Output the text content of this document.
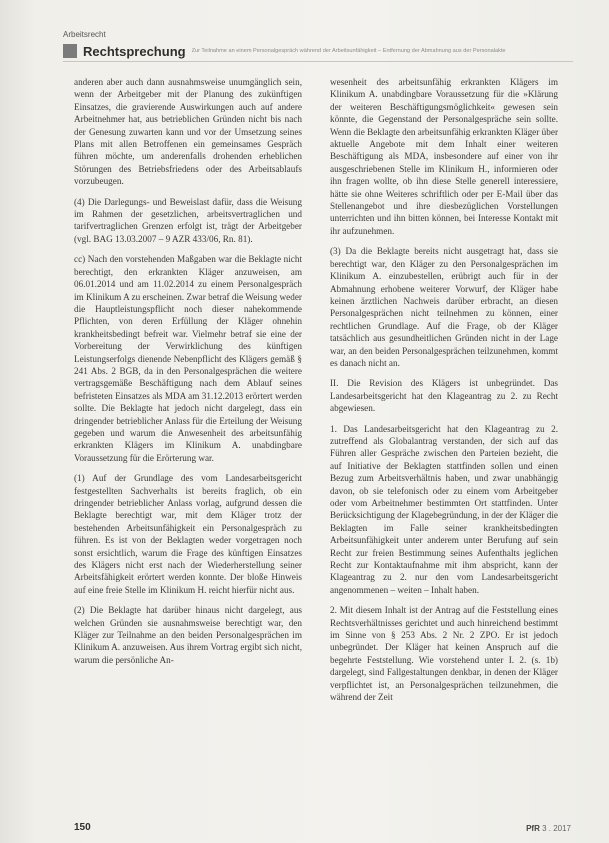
Arbeitsrecht
Rechtsprechung Zur Teilnahme an einem Personalgespräch während der Arbeitsunfähigkeit – Entfernung der Abmahnung aus der Personalakte

anderen aber auch dann ausnahmsweise unumgänglich sein, wenn der Arbeitgeber mit der Planung des zukünftigen Einsatzes, die gravierende Auswirkungen auch auf andere Arbeitnehmer hat, aus betrieblichen Gründen nicht bis nach der Genesung zuwarten kann und vor der Umsetzung seines Plans mit allen Betroffenen ein gemeinsames Gespräch führen möchte, um anderenfalls drohenden erheblichen Störungen des Betriebsfriedens oder des Arbeitsablaufs vorzubeugen.

(4) Die Darlegungs- und Beweislast dafür, dass die Weisung im Rahmen der gesetzlichen, arbeitsvertraglichen und tarifvertraglichen Grenzen erfolgt ist, trägt der Arbeitgeber (vgl. BAG 13.03.2007 – 9 AZR 433/06, Rn. 81).

cc) Nach den vorstehenden Maßgaben war die Beklagte nicht berechtigt, den erkrankten Kläger anzuweisen, am 06.01.2014 und am 11.02.2014 zu einem Personalgespräch im Klinikum A zu erscheinen. Zwar betraf die Weisung weder die Hauptleistungspflicht noch dieser nahekommende Pflichten, von deren Erfüllung der Kläger ohnehin krankheitsbedingt befreit war. Vielmehr betraf sie eine der Vorbereitung der Verwirklichung des künftigen Leistungserfolgs dienende Nebenpflicht des Klägers gemäß § 241 Abs. 2 BGB, da in den Personalgesprächen die weitere vertragsgemäße Beschäftigung nach dem Ablauf seines befristeten Einsatzes als MDA am 31.12.2013 erörtert werden sollte. Die Beklagte hat jedoch nicht dargelegt, dass ein dringender betrieblicher Anlass für die Erteilung der Weisung gegeben und warum die Anwesenheit des arbeitsunfähig erkrankten Klägers im Klinikum A. unabdingbare Voraussetzung für die Erörterung war.

(1) Auf der Grundlage des vom Landesarbeitsgericht festgestellten Sachverhalts ist bereits fraglich, ob ein dringender betrieblicher Anlass vorlag, aufgrund dessen die Beklagte berechtigt war, mit dem Kläger trotz der bestehenden Arbeitsunfähigkeit ein Personalgespräch zu führen. Es ist von der Beklagten weder vorgetragen noch sonst ersichtlich, warum die Frage des künftigen Einsatzes des Klägers nicht erst nach der Wiederherstellung seiner Arbeitsfähigkeit erörtert werden konnte. Der bloße Hinweis auf eine freie Stelle im Klinikum H. reicht hierfür nicht aus.

(2) Die Beklagte hat darüber hinaus nicht dargelegt, aus welchen Gründen sie ausnahmsweise berechtigt war, den Kläger zur Teilnahme an den beiden Personalgesprächen im Klinikum A. anzuweisen. Aus ihrem Vortrag ergibt sich nicht, warum die persönliche An-

wesenheit des arbeitsunfähig erkrankten Klägers im Klinikum A. unabdingbare Voraussetzung für die »Klärung der weiteren Beschäftigungsmöglichkeit« gewesen sein könnte, die Gegenstand der Personalgespräche sein sollte. Wenn die Beklagte den arbeitsunfähig erkrankten Kläger über aktuelle Angebote mit dem Inhalt einer weiteren Beschäftigung als MDA, insbesondere auf einer von ihr ausgeschriebenen Stelle im Klinikum H., informieren oder ihn fragen wollte, ob ihn diese Stelle generell interessiere, hätte sie ohne Weiteres schriftlich oder per E-Mail über das Stellenangebot und ihre diesbezüglichen Vorstellungen unterrichten und ihn bitten können, bei Interesse Kontakt mit ihr aufzunehmen.

(3) Da die Beklagte bereits nicht ausgetragt hat, dass sie berechtigt war, den Kläger zu den Personalgesprächen im Klinikum A. einzubestellen, erübrigt auch für in der Abmahnung erhobene weiterer Vorwurf, der Kläger habe keinen ärztlichen Nachweis darüber erbracht, an diesen Personalgesprächen nicht teilnehmen zu können, einer rechtlichen Grundlage. Auf die Frage, ob der Kläger tatsächlich aus gesundheitlichen Gründen nicht in der Lage war, an den beiden Personalgesprächen teilzunehmen, kommt es danach nicht an.

II. Die Revision des Klägers ist unbegründet. Das Landesarbeitsgericht hat den Klageantrag zu 2. zu Recht abgewiesen.

1. Das Landesarbeitsgericht hat den Klageantrag zu 2. zutreffend als Globalantrag verstanden, der sich auf das Führen aller Gespräche zwischen den Parteien bezieht, die auf Initiative der Beklagten stattfinden sollen und einen Bezug zum Arbeitsverhältnis haben, und zwar unabhängig davon, ob sie telefonisch oder zu einem vom Arbeitgeber oder vom Arbeitnehmer bestimmten Ort stattfinden. Unter Berücksichtigung der Klagebegründung, in der der Kläger die Beklagten im Falle seiner krankheitsbedingten Arbeitsunfähigkeit unter anderem unter Berufung auf sein Recht zur freien Bestimmung seines Aufenthalts jeglichen Recht zur Kontaktaufnahme mit ihm abspricht, kann der Klageantrag zu 2. nur den vom Landesarbeitsgericht angenommenen – weiten – Inhalt haben.

2. Mit diesem Inhalt ist der Antrag auf die Feststellung eines Rechtsverhältnisses gerichtet und auch hinreichend bestimmt im Sinne von § 253 Abs. 2 Nr. 2 ZPO. Er ist jedoch unbegründet. Der Kläger hat keinen Anspruch auf die begehrte Feststellung. Wie vorstehend unter I. 2. (s. 1b) dargelegt, sind Fallgestaltungen denkbar, in denen der Kläger verpflichtet ist, an Personalgesprächen teilzunehmen, die während der Zeit

150	PfR 3 . 2017
